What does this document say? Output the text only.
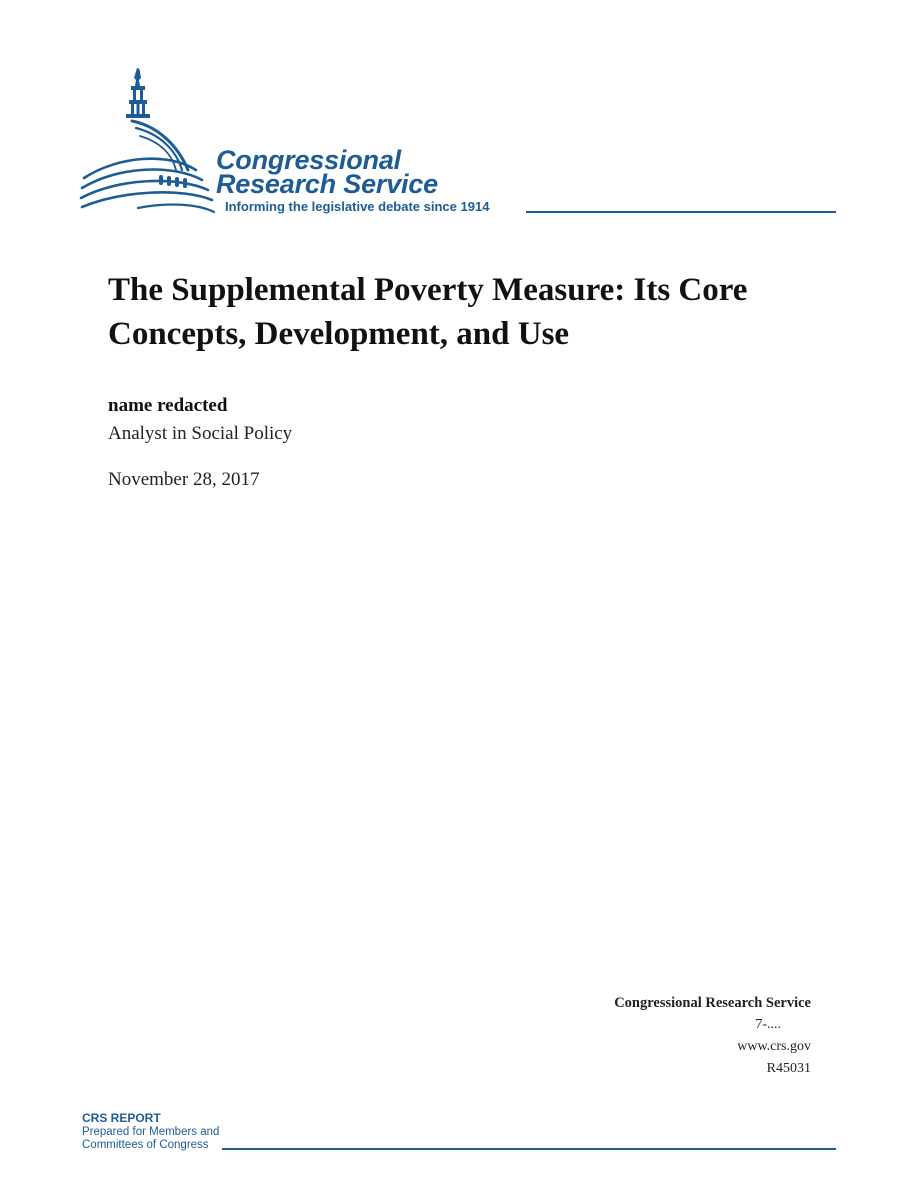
Congressional
Research Service
Informing the legislative debate since 1914
The Supplemental Poverty Measure: Its Core Concepts, Development, and Use
name redacted
Analyst in Social Policy
November 28, 2017
Congressional Research Service
7-....
www.crs.gov
R45031
CRS REPORT
Prepared for Members and
Committees of Congress
